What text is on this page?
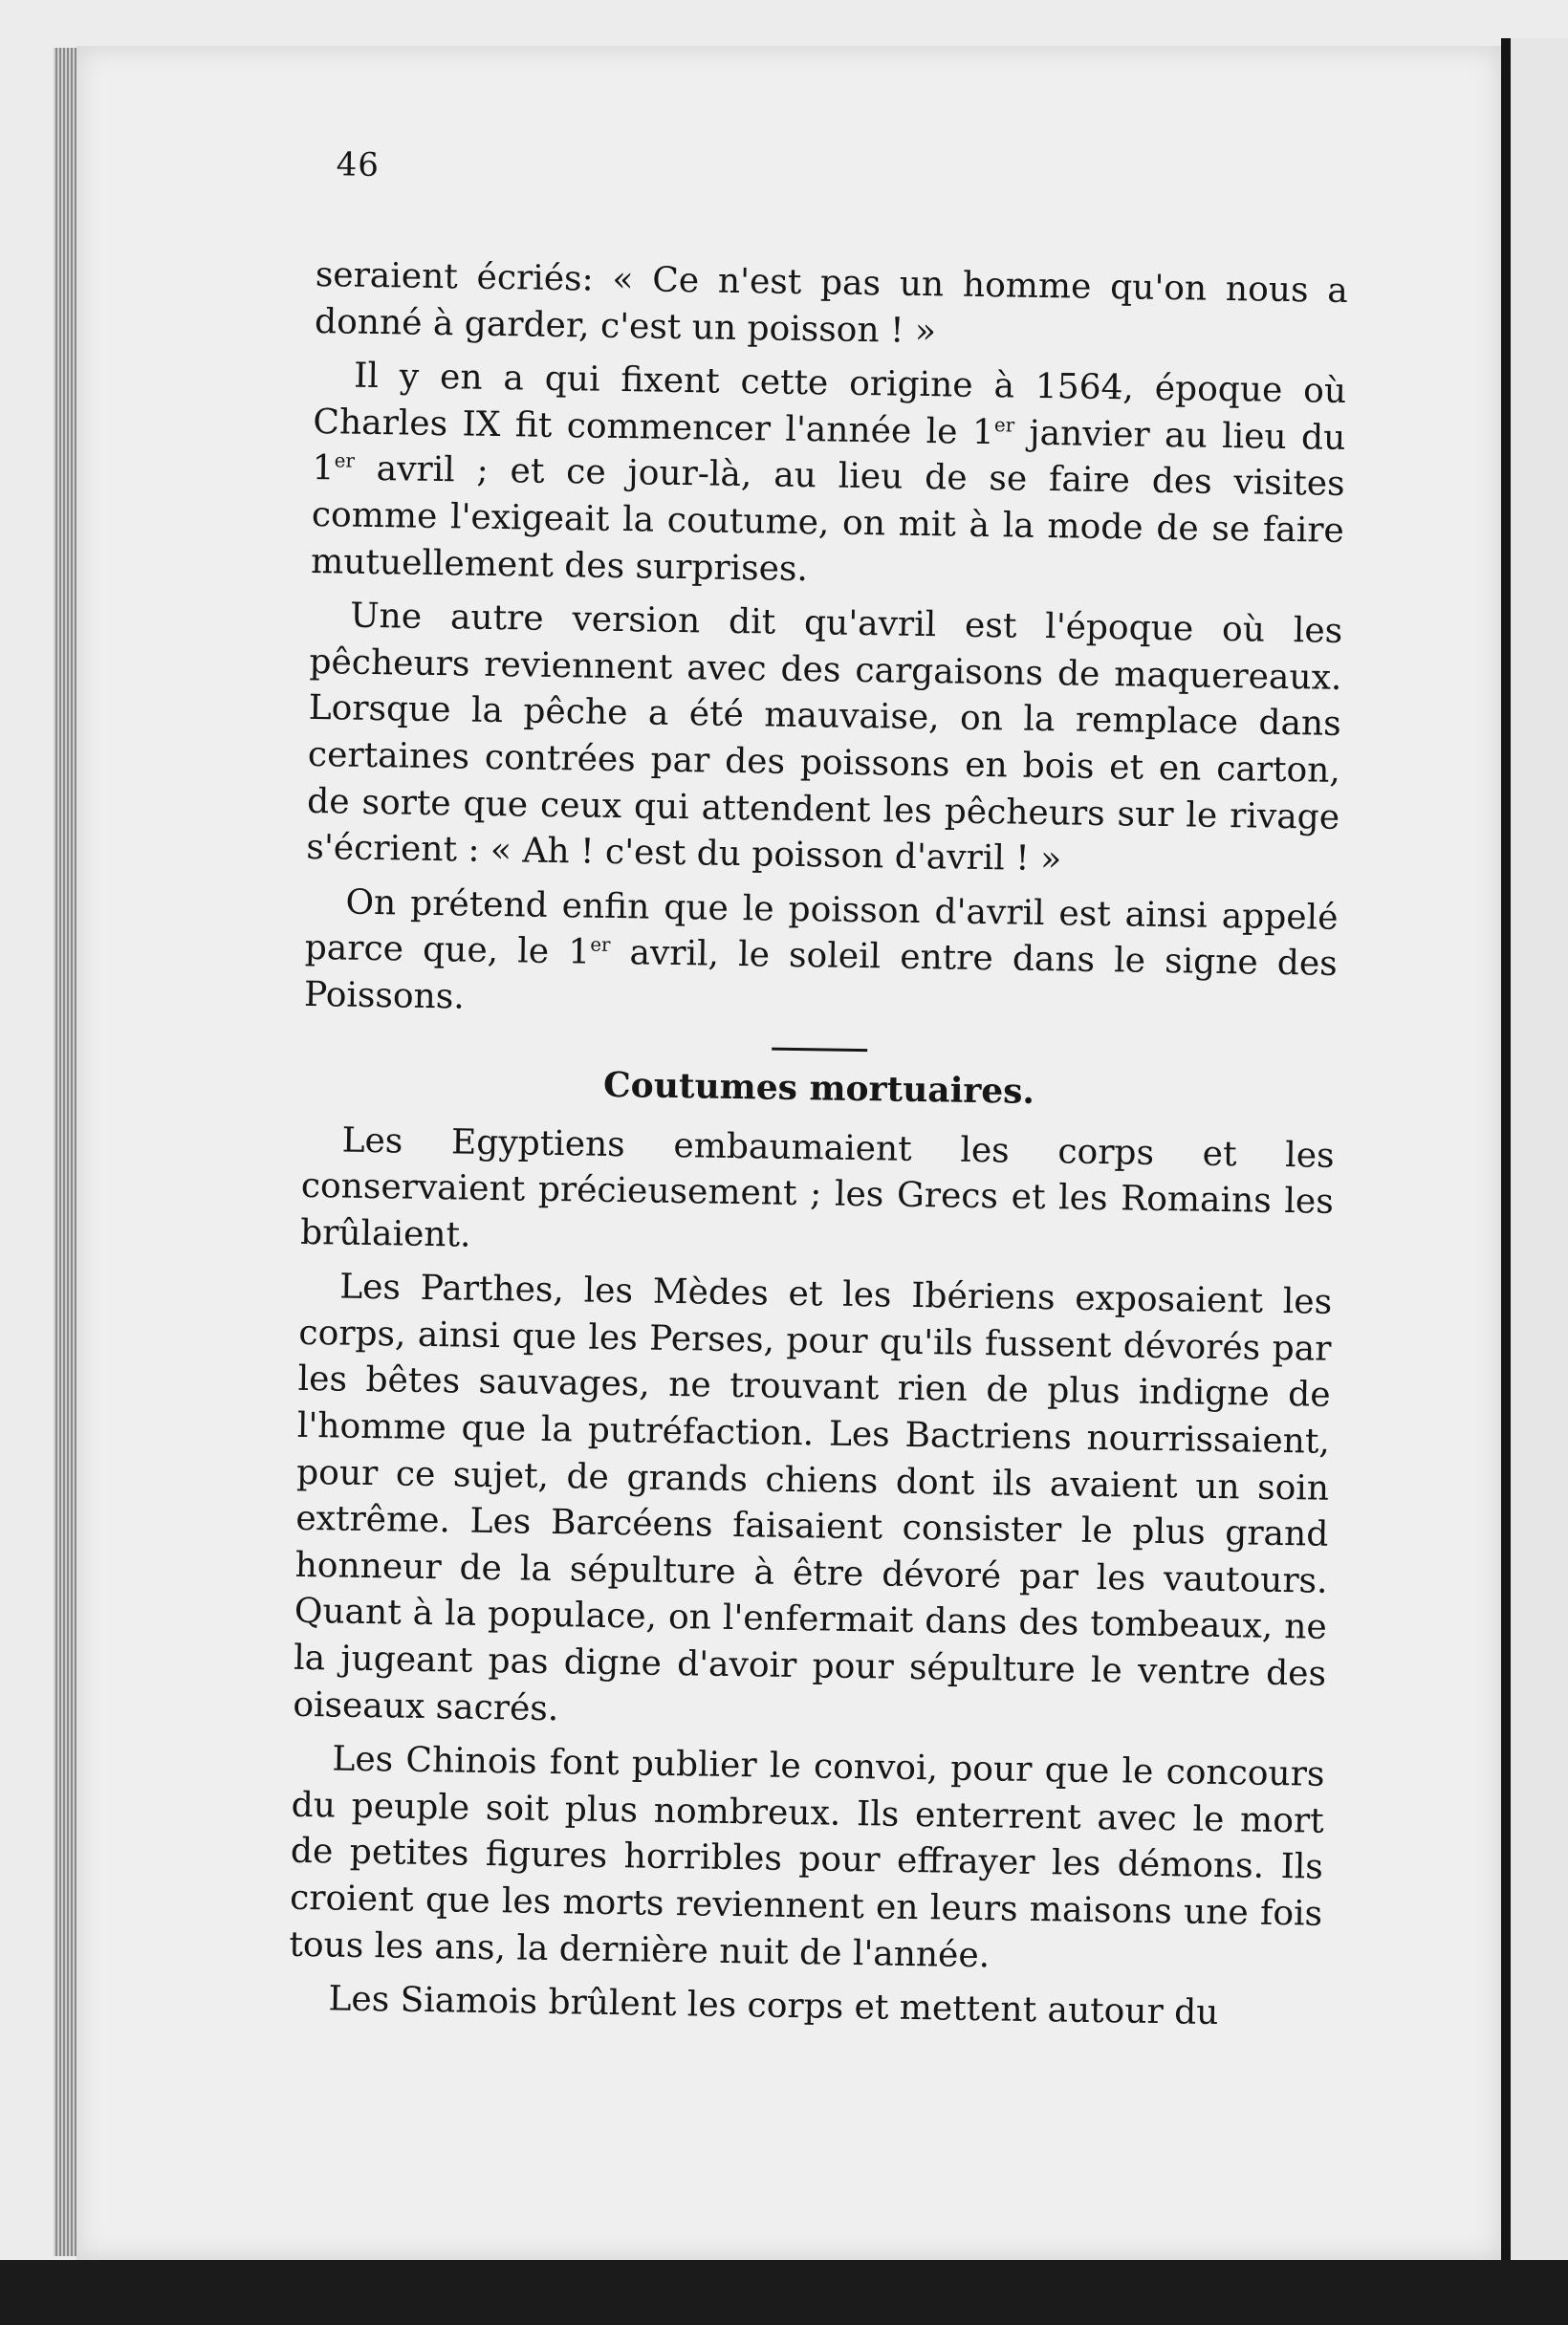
46

seraient écriés: « Ce n'est pas un homme qu'on nous a donné à garder, c'est un poisson ! »

Il y en a qui fixent cette origine à 1564, époque où Charles IX fit commencer l'année le 1er janvier au lieu du 1er avril ; et ce jour-là, au lieu de se faire des visites comme l'exigeait la coutume, on mit à la mode de se faire mutuellement des surprises.

Une autre version dit qu'avril est l'époque où les pêcheurs reviennent avec des cargaisons de maquereaux. Lorsque la pêche a été mauvaise, on la remplace dans certaines contrées par des poissons en bois et en carton, de sorte que ceux qui attendent les pêcheurs sur le rivage s'écrient : « Ah ! c'est du poisson d'avril ! »

On prétend enfin que le poisson d'avril est ainsi appelé parce que, le 1er avril, le soleil entre dans le signe des Poissons.

Coutumes mortuaires.

Les Egyptiens embaumaient les corps et les conservaient précieusement ; les Grecs et les Romains les brûlaient.

Les Parthes, les Mèdes et les Ibériens exposaient les corps, ainsi que les Perses, pour qu'ils fussent dévorés par les bêtes sauvages, ne trouvant rien de plus indigne de l'homme que la putréfaction. Les Bactriens nourrissaient, pour ce sujet, de grands chiens dont ils avaient un soin extrême. Les Barcéens faisaient consister le plus grand honneur de la sépulture à être dévoré par les vautours. Quant à la populace, on l'enfermait dans des tombeaux, ne la jugeant pas digne d'avoir pour sépulture le ventre des oiseaux sacrés.

Les Chinois font publier le convoi, pour que le concours du peuple soit plus nombreux. Ils enterrent avec le mort de petites figures horribles pour effrayer les démons. Ils croient que les morts reviennent en leurs maisons une fois tous les ans, la dernière nuit de l'année.

Les Siamois brûlent les corps et mettent autour du
